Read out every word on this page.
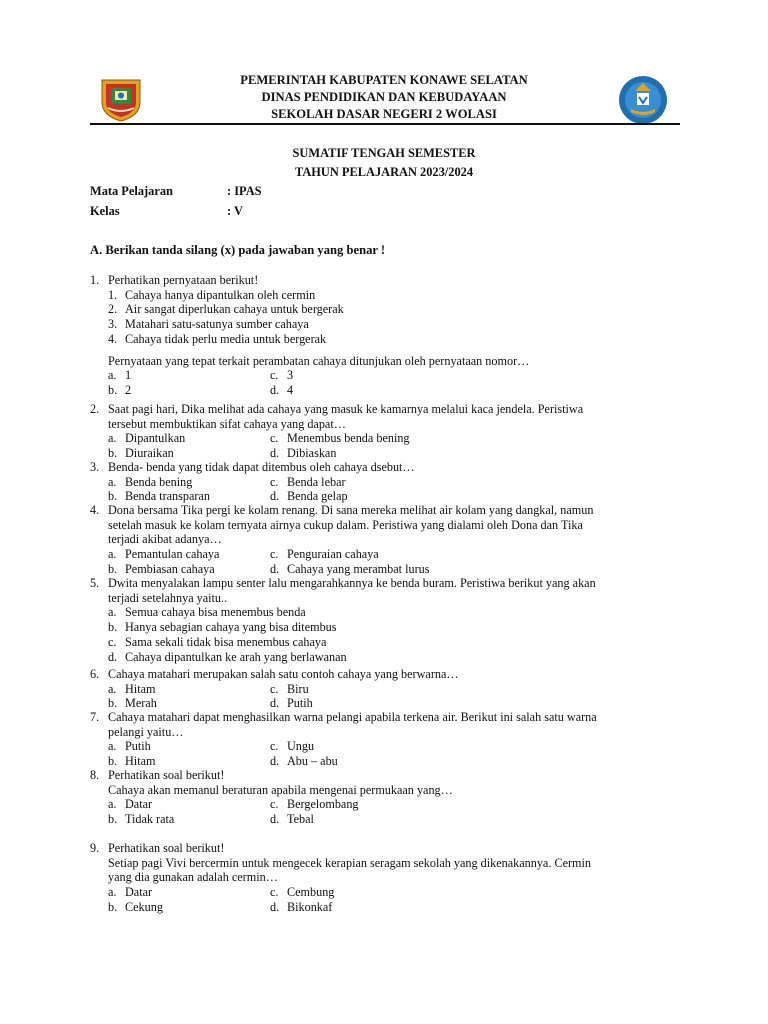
PEMERINTAH KABUPATEN KONAWE SELATAN
DINAS PENDIDIKAN DAN KEBUDAYAAN
SEKOLAH DASAR NEGERI 2 WOLASI
SUMATIF TENGAH SEMESTER
TAHUN PELAJARAN 2023/2024
Mata Pelajaran	: IPAS
Kelas	: V
A. Berikan tanda silang (x) pada jawaban yang benar !
1. Perhatikan pernyataan berikut!
1. Cahaya hanya dipantulkan oleh cermin
2. Air sangat diperlukan cahaya untuk bergerak
3. Matahari satu-satunya sumber cahaya
4. Cahaya tidak perlu media untuk bergerak
Pernyataan yang tepat terkait perambatan cahaya ditunjukan oleh pernyataan nomor…
a. 1	c. 3
b. 2	d. 4
2. Saat pagi hari, Dika melihat ada cahaya yang masuk ke kamarnya melalui kaca jendela. Peristiwa
tersebut membuktikan sifat cahaya yang dapat…
a. Dipantulkan	c. Menembus benda bening
b. Diuraikan	d. Dibiaskan
3. Benda- benda yang tidak dapat ditembus oleh cahaya dsebut…
a. Benda bening	c. Benda lebar
b. Benda transparan	d. Benda gelap
4. Dona bersama Tika pergi ke kolam renang. Di sana mereka melihat air kolam yang dangkal, namun
setelah masuk ke kolam ternyata airnya cukup dalam. Peristiwa yang dialami oleh Dona dan Tika
terjadi akibat adanya…
a. Pemantulan cahaya	c. Penguraian cahaya
b. Pembiasan cahaya	d. Cahaya yang merambat lurus
5. Dwita menyalakan lampu senter lalu mengarahkannya ke benda buram. Peristiwa berikut yang akan
terjadi setelahnya yaitu..
a. Semua cahaya bisa menembus benda
b. Hanya sebagian cahaya yang bisa ditembus
c. Sama sekali tidak bisa menembus cahaya
d. Cahaya dipantulkan ke arah yang berlawanan
6. Cahaya matahari merupakan salah satu contoh cahaya yang berwarna…
a. Hitam	c. Biru
b. Merah	d. Putih
7. Cahaya matahari dapat menghasilkan warna pelangi apabila terkena air. Berikut ini salah satu warna
pelangi yaitu…
a. Putih	c. Ungu
b. Hitam	d. Abu – abu
8. Perhatikan soal berikut!
Cahaya akan memanul beraturan apabila mengenai permukaan yang…
a. Datar	c. Bergelombang
b. Tidak rata	d. Tebal
9. Perhatikan soal berikut!
Setiap pagi Vivi bercermin untuk mengecek kerapian seragam sekolah yang dikenakannya. Cermin
yang dia gunakan adalah cermin…
a. Datar	c. Cembung
b. Cekung	d. Bikonkaf
